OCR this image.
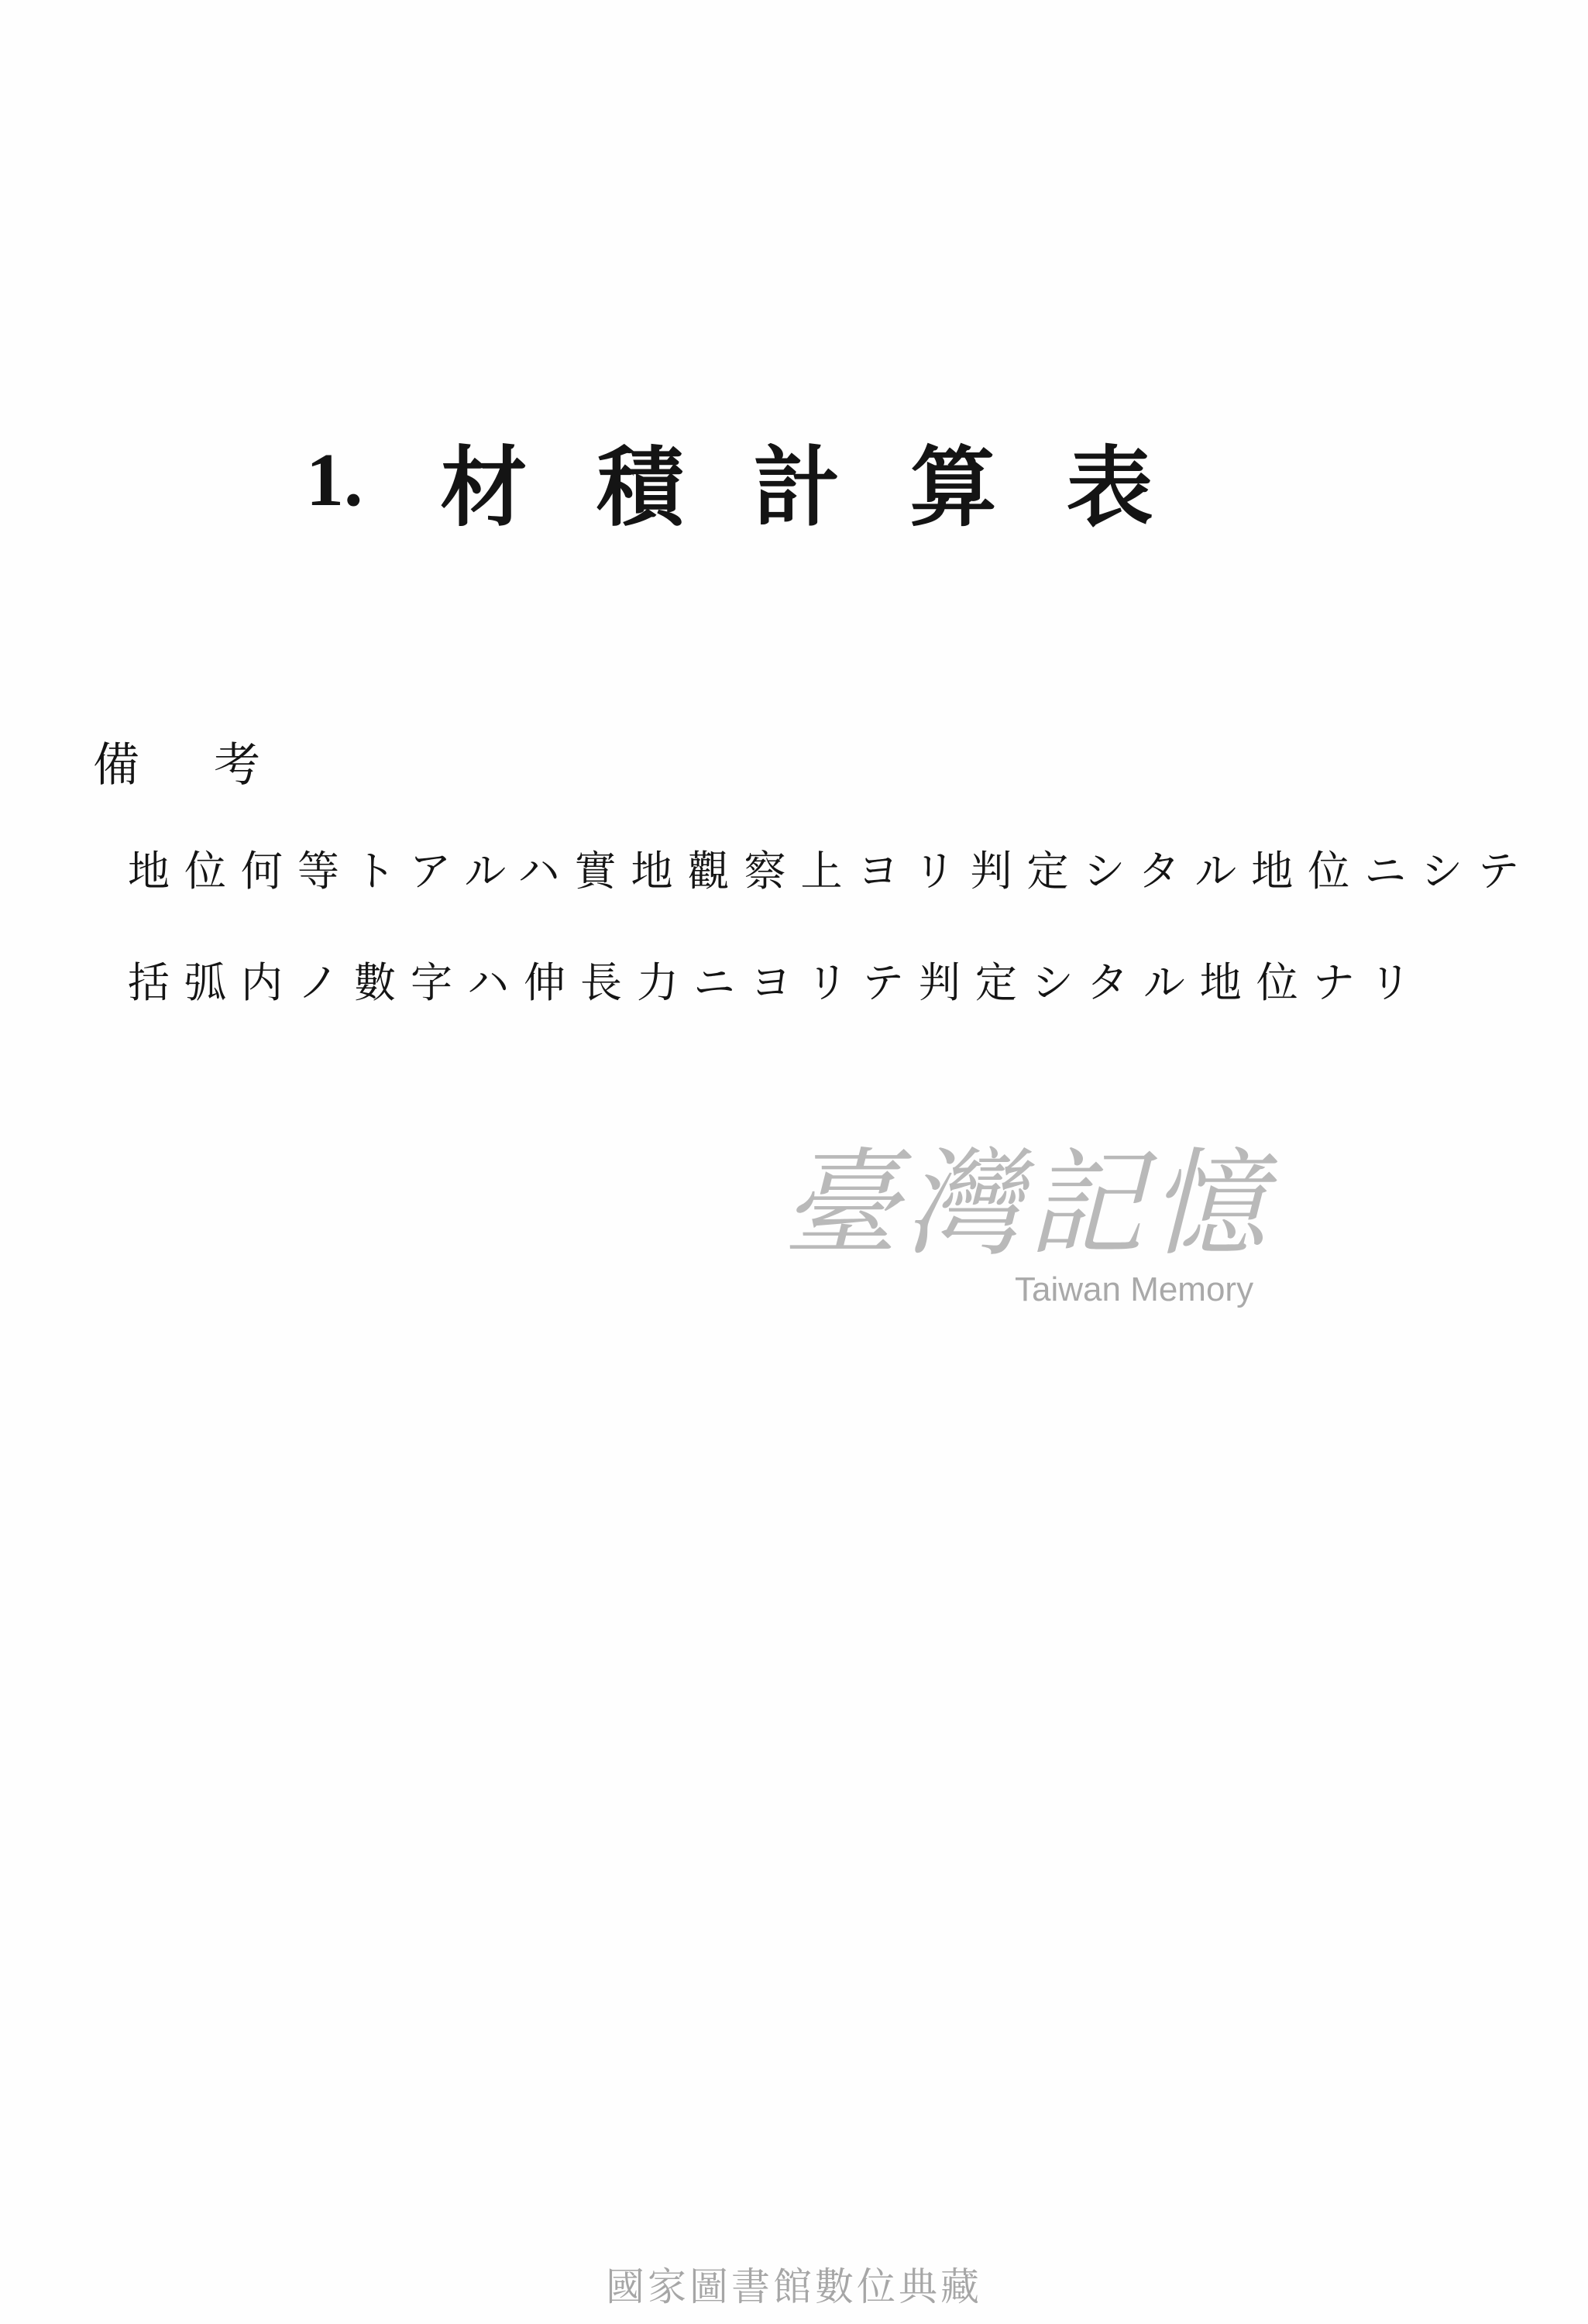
1. 材積計算表
備考
地位何等トアルハ實地觀察上ヨリ判定シタル地位ニシテ
括弧内ノ數字ハ伸長力ニヨリテ判定シタル地位ナリ
臺灣記憶
Taiwan Memory
國家圖書館數位典藏
